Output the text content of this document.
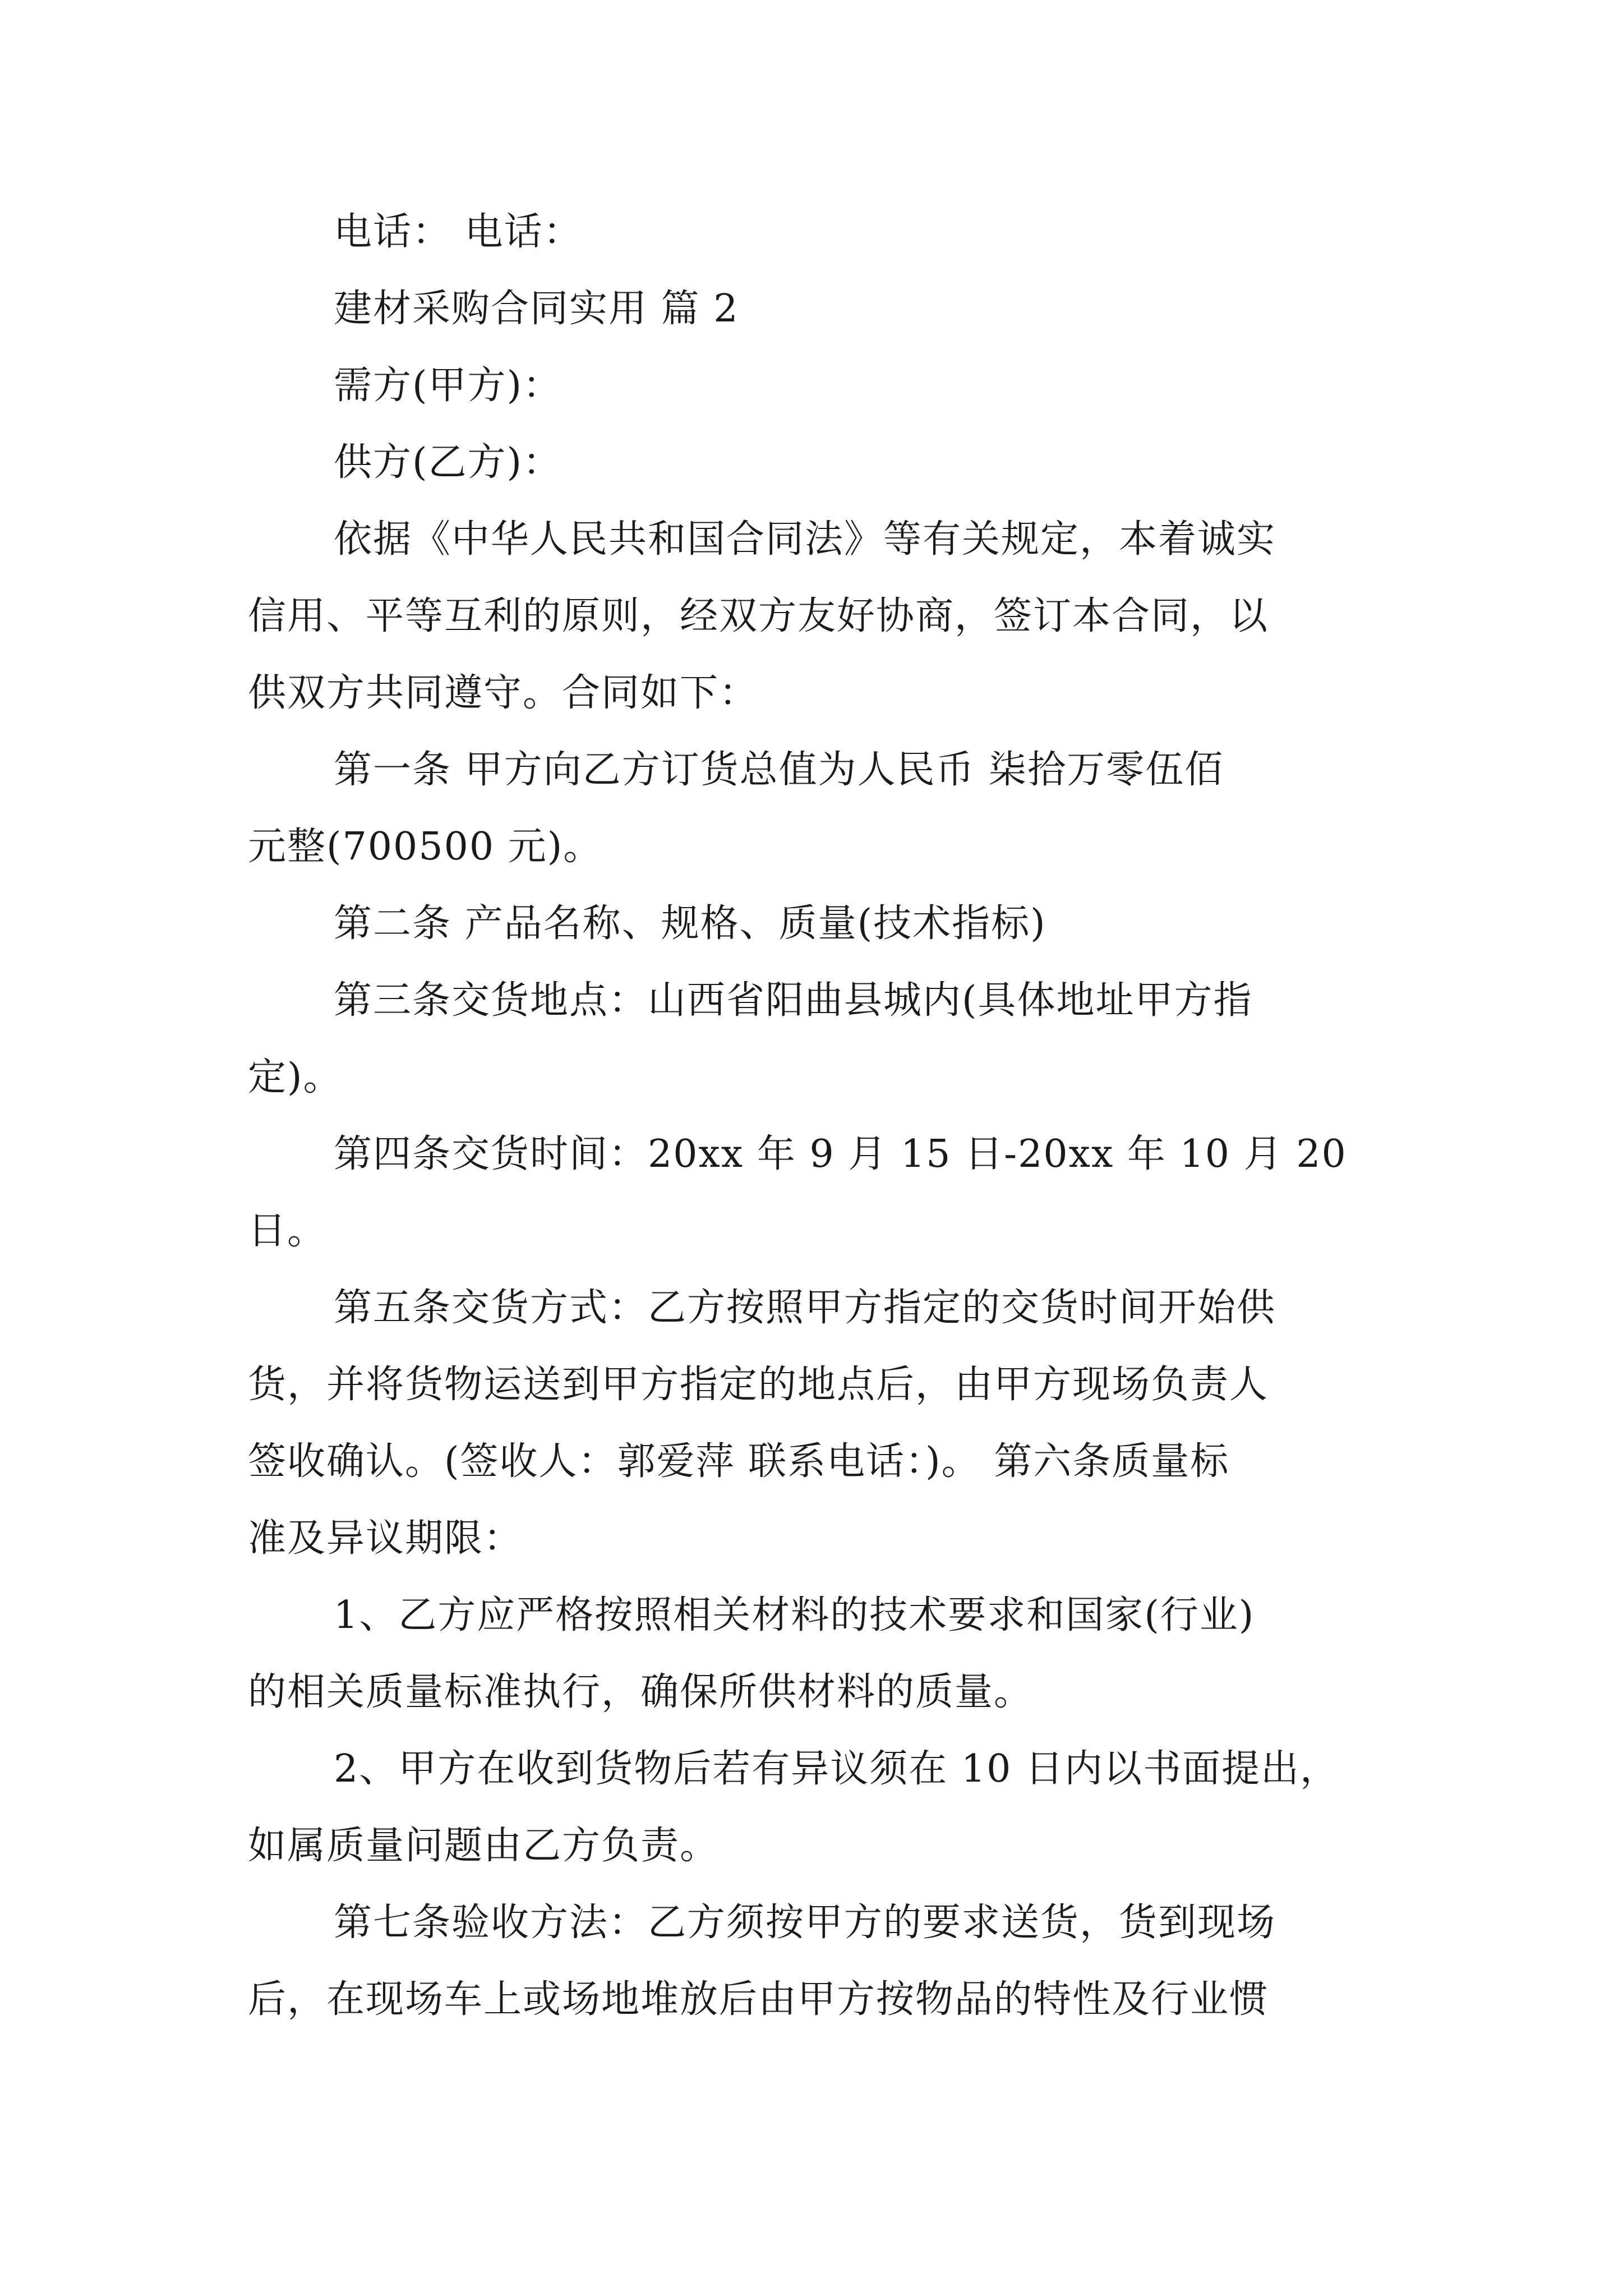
电话： 电话：
建材采购合同实用 篇 2
需方(甲方)：
供方(乙方)：
依据《中华人民共和国合同法》等有关规定，本着诚实
信用、平等互利的原则，经双方友好协商，签订本合同，以
供双方共同遵守。合同如下：
第一条 甲方向乙方订货总值为人民币 柒拾万零伍佰
元整(700500 元)。
第二条 产品名称、规格、质量(技术指标)
第三条交货地点：山西省阳曲县城内(具体地址甲方指
定)。
第四条交货时间：20xx 年 9 月 15 日-20xx 年 10 月 20
日。
第五条交货方式：乙方按照甲方指定的交货时间开始供
货，并将货物运送到甲方指定的地点后，由甲方现场负责人
签收确认。(签收人：郭爱萍 联系电话：)。 第六条质量标
准及异议期限：
1、乙方应严格按照相关材料的技术要求和国家(行业)
的相关质量标准执行，确保所供材料的质量。
2、甲方在收到货物后若有异议须在 10 日内以书面提出，
如属质量问题由乙方负责。
第七条验收方法：乙方须按甲方的要求送货，货到现场
后，在现场车上或场地堆放后由甲方按物品的特性及行业惯
